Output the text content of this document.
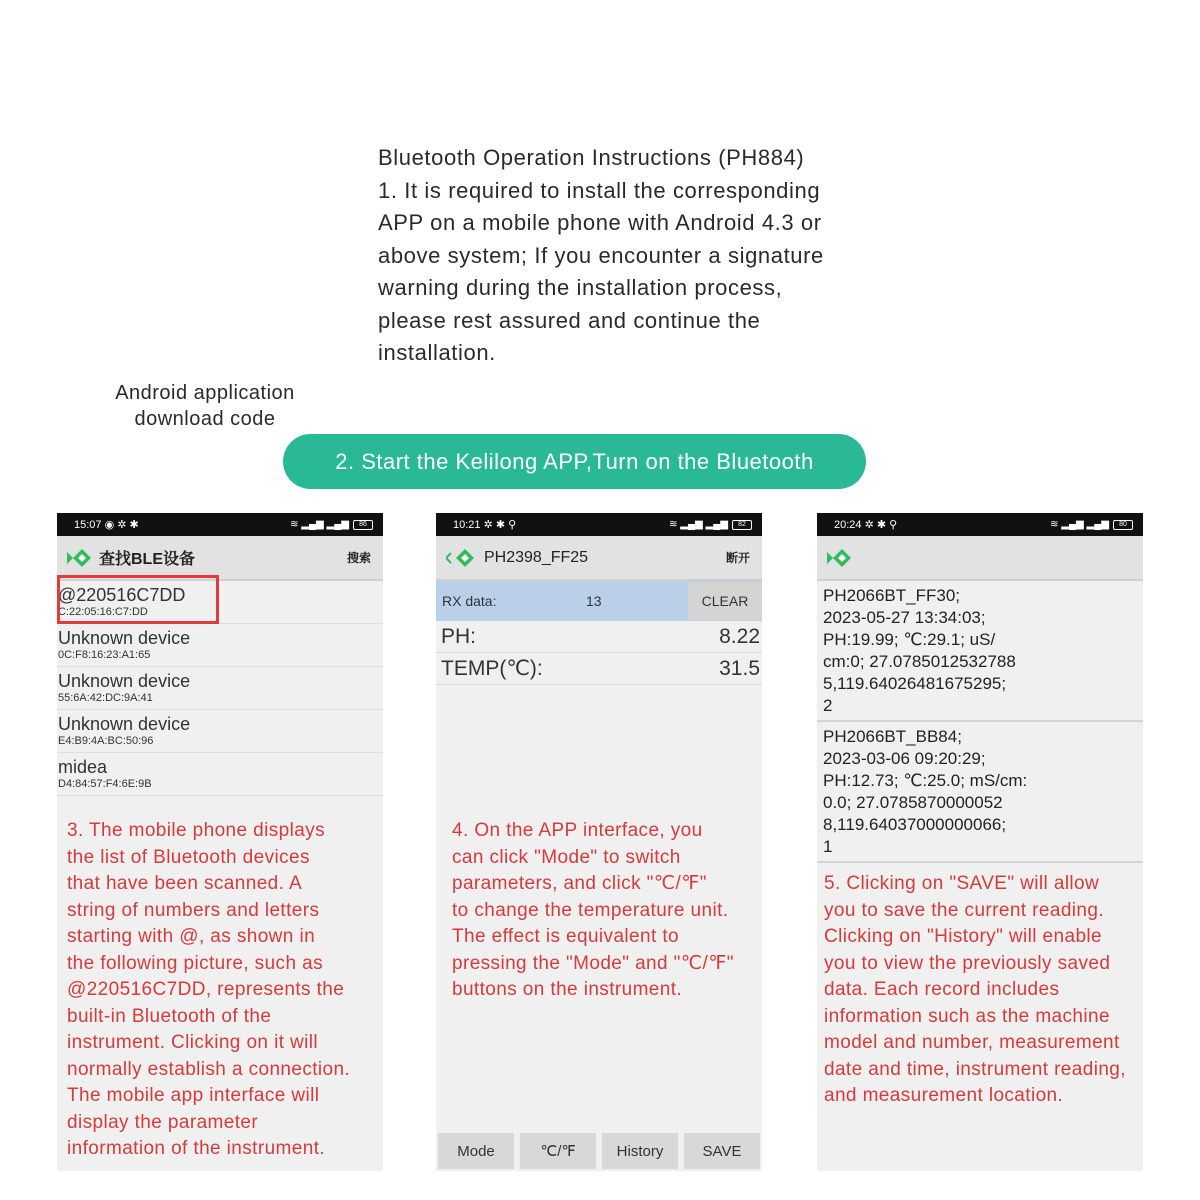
Bluetooth Operation Instructions (PH884)
1. It is required to install the corresponding
APP on a mobile phone with Android 4.3 or
above system; If you encounter a signature
warning during the installation process,
please rest assured and continue the
installation.
Android application
download code
2. Start the Kelilong APP,Turn on the Bluetooth
15:07 ◉ ✲ ✱	≋ ▂▄▆ ▂▄▆	86
查找BLE设备	搜索
@220516C7DD
C:22:05:16:C7:DD
Unknown device
0C:F8:16:23:A1:65
Unknown device
55:6A:42:DC:9A:41
Unknown device
E4:B9:4A:BC:50:96
midea
D4:84:57:F4:6E:9B
10:21 ✲ ✱ ⚲	≋ ▂▄▆ ▂▄▆	82
PH2398_FF25	断开
RX data:	13	CLEAR
PH:	8.22
TEMP(℃):	31.5
Mode	℃/℉	History	SAVE
20:24 ✲ ✱ ⚲	≋ ▂▄▆ ▂▄▆	80
PH2066BT_FF30;
2023-05-27 13:34:03;
PH:19.99; ℃:29.1; uS/
cm:0; 27.0785012532788
5,119.64026481675295;
2
PH2066BT_BB84;
2023-03-06 09:20:29;
PH:12.73; ℃:25.0; mS/cm:
0.0; 27.0785870000052
8,119.64037000000066;
1
3. The mobile phone displays
the list of Bluetooth devices
that have been scanned. A
string of numbers and letters
starting with @, as shown in
the following picture, such as
@220516C7DD, represents the
built-in Bluetooth of the
instrument. Clicking on it will
normally establish a connection.
The mobile app interface will
display the parameter
information of the instrument.
4. On the APP interface, you
can click "Mode" to switch
parameters, and click "℃/℉"
to change the temperature unit.
The effect is equivalent to
pressing the "Mode" and "℃/℉"
buttons on the instrument.
5. Clicking on "SAVE" will allow
you to save the current reading.
Clicking on "History" will enable
you to view the previously saved
data. Each record includes
information such as the machine
model and number, measurement
date and time, instrument reading,
and measurement location.
